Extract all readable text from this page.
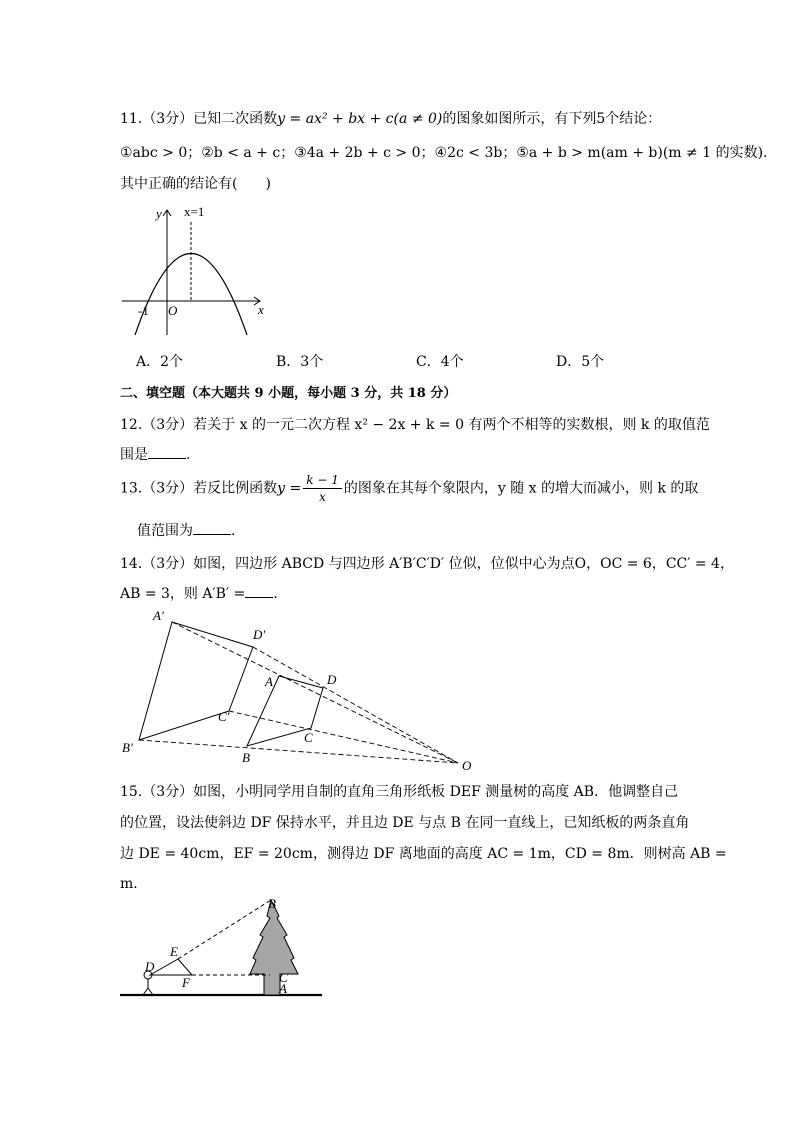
11.（3分）已知二次函数y = ax² + bx + c(a ≠ 0)的图象如图所示，有下列5个结论：
①abc > 0；②b < a + c；③4a + 2b + c > 0；④2c < 3b；⑤a + b > m(am + b)(m ≠ 1 的实数).
其中正确的结论有(　　)
y x=1
x
O
-1
A．2个	B．3个	C．4个	D．5个
二、填空题（本大题共 9 小题，每小题 3 分，共 18 分）
12.（3分）若关于 x 的一元二次方程 x² − 2x + k = 0 有两个不相等的实数根，则 k 的取值范
围是	.
13.（3分）若反比例函数$y = \frac{k - 1}{x}$ 的图象在其每个象限内，y 随 x 的增大而减小，则 k 的取
值范围为	.
14.（3分）如图，四边形 ABCD 与四边形 A′B′C′D′ 位似，位似中心为点O，OC = 6，CC′ = 4，
AB = 3，则 A′B′ = .
A′
D′
C′
B′
A	D
C
B
O
B
E
D
F	C
A
15.（3分）如图，小明同学用自制的直角三角形纸板 DEF 测量树的高度 AB．他调整自己
的位置，设法使斜边 DF 保持水平，并且边 DE 与点 B 在同一直线上，已知纸板的两条直角
边 DE = 40cm，EF = 20cm，测得边 DF 离地面的高度 AC = 1m，CD = 8m．则树高 AB =
m．
